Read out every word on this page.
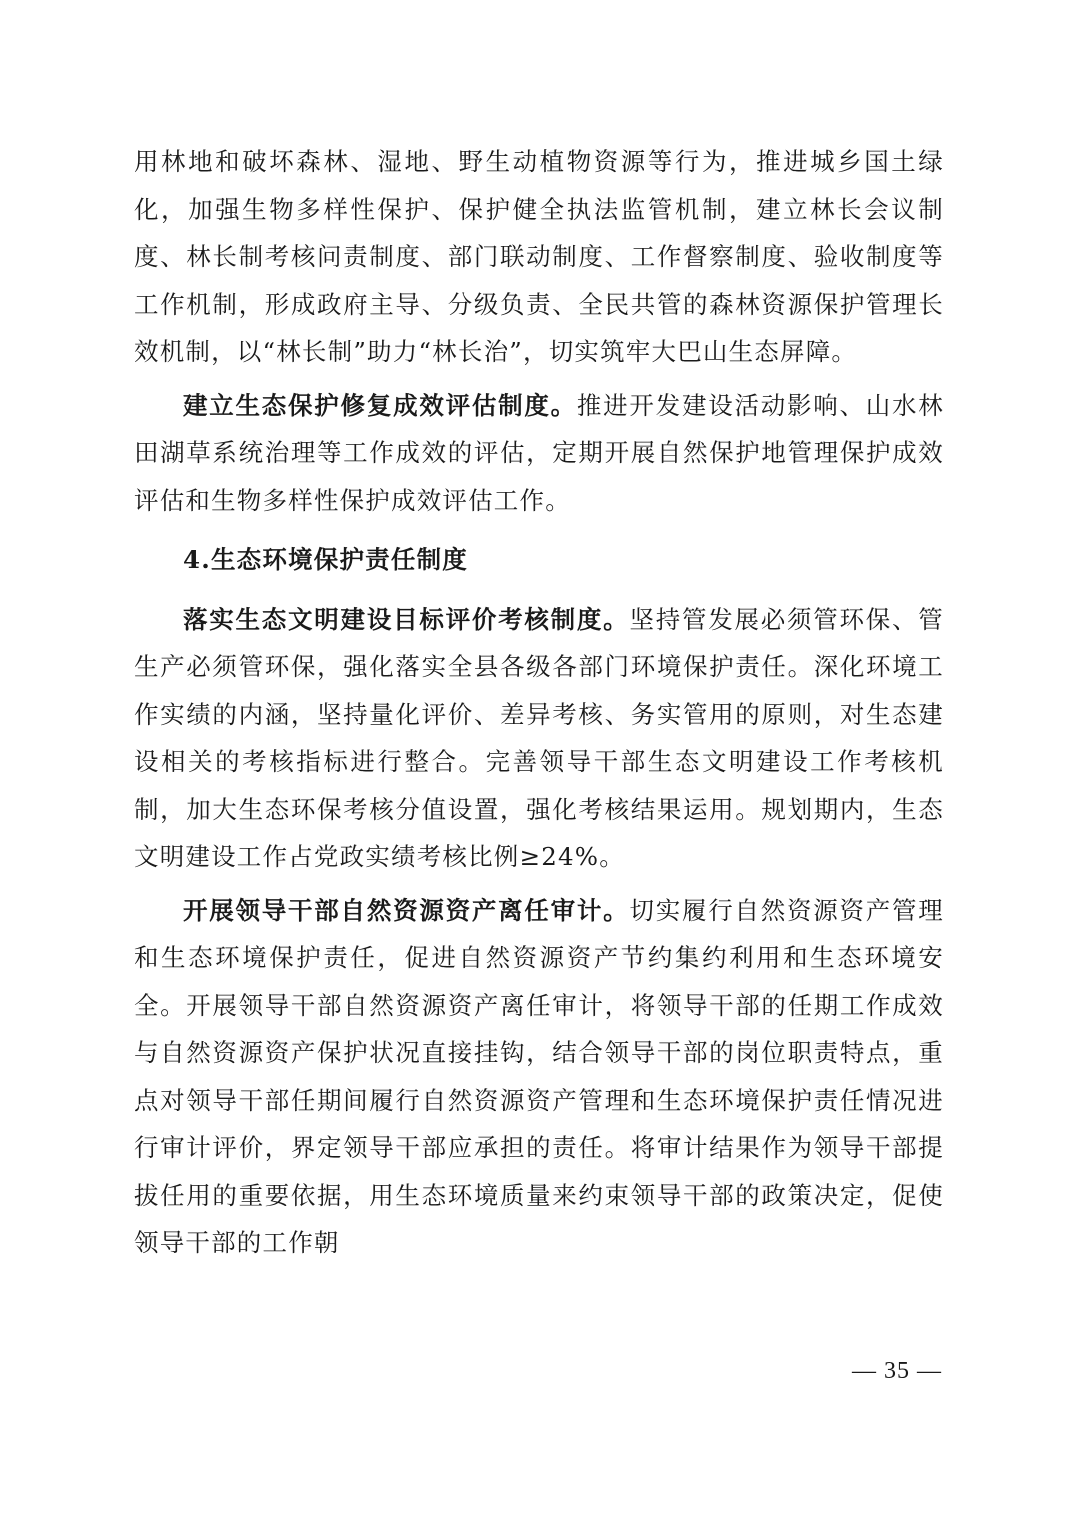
用林地和破坏森林、湿地、野生动植物资源等行为，推进城乡国土绿化，加强生物多样性保护、保护健全执法监管机制，建立林长会议制度、林长制考核问责制度、部门联动制度、工作督察制度、验收制度等工作机制，形成政府主导、分级负责、全民共管的森林资源保护管理长效机制，以“林长制”助力“林长治”，切实筑牢大巴山生态屏障。

建立生态保护修复成效评估制度。推进开发建设活动影响、山水林田湖草系统治理等工作成效的评估，定期开展自然保护地管理保护成效评估和生物多样性保护成效评估工作。

4.生态环境保护责任制度

落实生态文明建设目标评价考核制度。坚持管发展必须管环保、管生产必须管环保，强化落实全县各级各部门环境保护责任。深化环境工作实绩的内涵，坚持量化评价、差异考核、务实管用的原则，对生态建设相关的考核指标进行整合。完善领导干部生态文明建设工作考核机制，加大生态环保考核分值设置，强化考核结果运用。规划期内，生态文明建设工作占党政实绩考核比例≥24%。

开展领导干部自然资源资产离任审计。切实履行自然资源资产管理和生态环境保护责任，促进自然资源资产节约集约利用和生态环境安全。开展领导干部自然资源资产离任审计，将领导干部的任期工作成效与自然资源资产保护状况直接挂钩，结合领导干部的岗位职责特点，重点对领导干部任期间履行自然资源资产管理和生态环境保护责任情况进行审计评价，界定领导干部应承担的责任。将审计结果作为领导干部提拔任用的重要依据，用生态环境质量来约束领导干部的政策决定，促使领导干部的工作朝

— 35 —
